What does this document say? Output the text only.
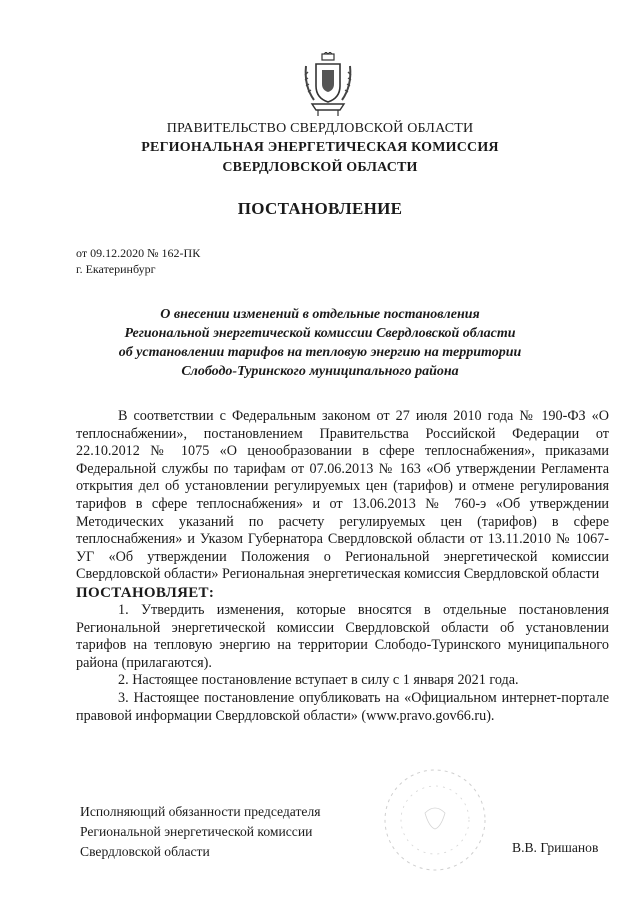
ПРАВИТЕЛЬСТВО СВЕРДЛОВСКОЙ ОБЛАСТИ
РЕГИОНАЛЬНАЯ ЭНЕРГЕТИЧЕСКАЯ КОМИССИЯ
СВЕРДЛОВСКОЙ ОБЛАСТИ
ПОСТАНОВЛЕНИЕ
от 09.12.2020 № 162-ПК
г. Екатеринбург
О внесении изменений в отдельные постановления
Региональной энергетической комиссии Свердловской области
об установлении тарифов на тепловую энергию на территории
Слободо-Туринского муниципального района

В соответствии с Федеральным законом от 27 июля 2010 года № 190-ФЗ «О теплоснабжении», постановлением Правительства Российской Федерации от 22.10.2012 № 1075 «О ценообразовании в сфере теплоснабжения», приказами Федеральной службы по тарифам от 07.06.2013 № 163 «Об утверждении Регламента открытия дел об установлении регулируемых цен (тарифов) и отмене регулирования тарифов в сфере теплоснабжения» и от 13.06.2013 № 760-э «Об утверждении Методических указаний по расчету регулируемых цен (тарифов) в сфере теплоснабжения» и Указом Губернатора Свердловской области от 13.11.2010 № 1067-УГ «Об утверждении Положения о Региональной энергетической комиссии Свердловской области» Региональная энергетическая комиссия Свердловской области

ПОСТАНОВЛЯЕТ:

1. Утвердить изменения, которые вносятся в отдельные постановления Региональной энергетической комиссии Свердловской области об установлении тарифов на тепловую энергию на территории Слободо-Туринского муниципального района (прилагаются).

2. Настоящее постановление вступает в силу с 1 января 2021 года.

3. Настоящее постановление опубликовать на «Официальном интернет-портале правовой информации Свердловской области» (www.pravo.gov66.ru).

Исполняющий обязанности председателя
Региональной энергетической комиссии
Свердловской области	В.В. Гришанов
